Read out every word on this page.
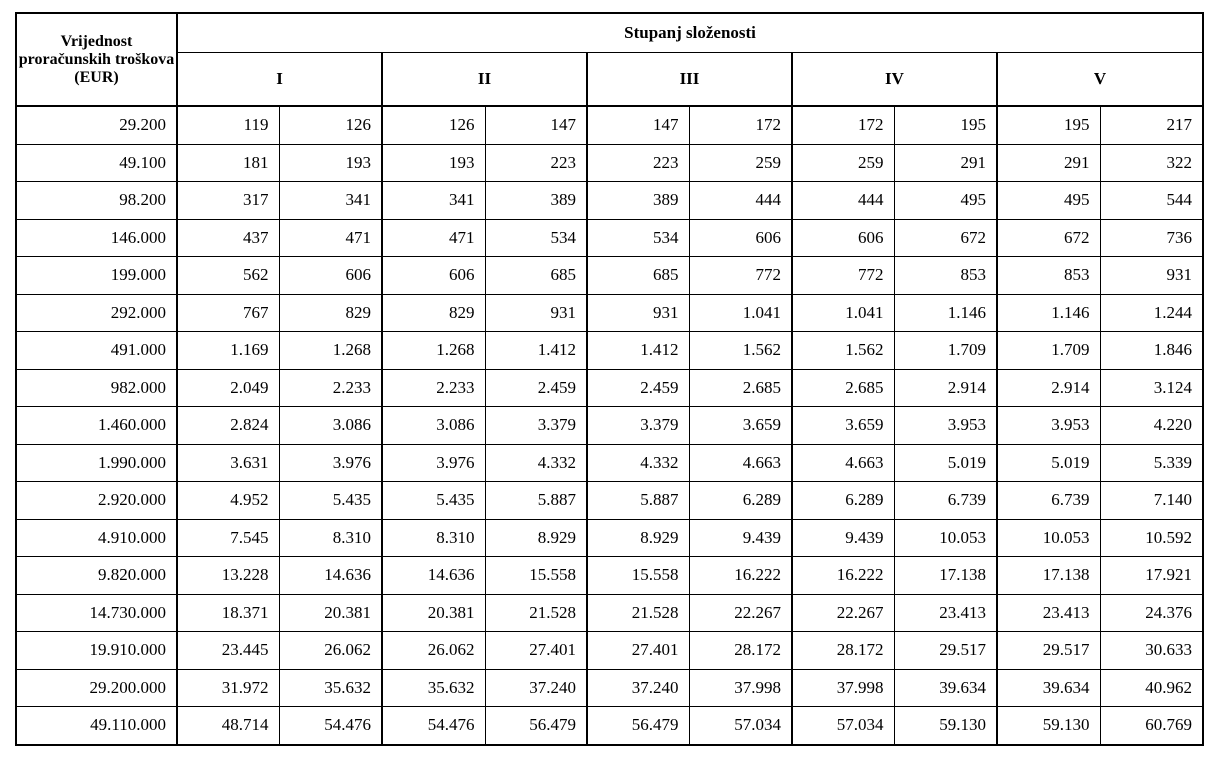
Vrijednost proračunskih troškova (EUR)	Stupanj složenosti									
	I		II		III		IV		V	
29.200	119	126	126	147	147	172	172	195	195	217
49.100	181	193	193	223	223	259	259	291	291	322
98.200	317	341	341	389	389	444	444	495	495	544
146.000	437	471	471	534	534	606	606	672	672	736
199.000	562	606	606	685	685	772	772	853	853	931
292.000	767	829	829	931	931	1.041	1.041	1.146	1.146	1.244
491.000	1.169	1.268	1.268	1.412	1.412	1.562	1.562	1.709	1.709	1.846
982.000	2.049	2.233	2.233	2.459	2.459	2.685	2.685	2.914	2.914	3.124
1.460.000	2.824	3.086	3.086	3.379	3.379	3.659	3.659	3.953	3.953	4.220
1.990.000	3.631	3.976	3.976	4.332	4.332	4.663	4.663	5.019	5.019	5.339
2.920.000	4.952	5.435	5.435	5.887	5.887	6.289	6.289	6.739	6.739	7.140
4.910.000	7.545	8.310	8.310	8.929	8.929	9.439	9.439	10.053	10.053	10.592
9.820.000	13.228	14.636	14.636	15.558	15.558	16.222	16.222	17.138	17.138	17.921
14.730.000	18.371	20.381	20.381	21.528	21.528	22.267	22.267	23.413	23.413	24.376
19.910.000	23.445	26.062	26.062	27.401	27.401	28.172	28.172	29.517	29.517	30.633
29.200.000	31.972	35.632	35.632	37.240	37.240	37.998	37.998	39.634	39.634	40.962
49.110.000	48.714	54.476	54.476	56.479	56.479	57.034	57.034	59.130	59.130	60.769
